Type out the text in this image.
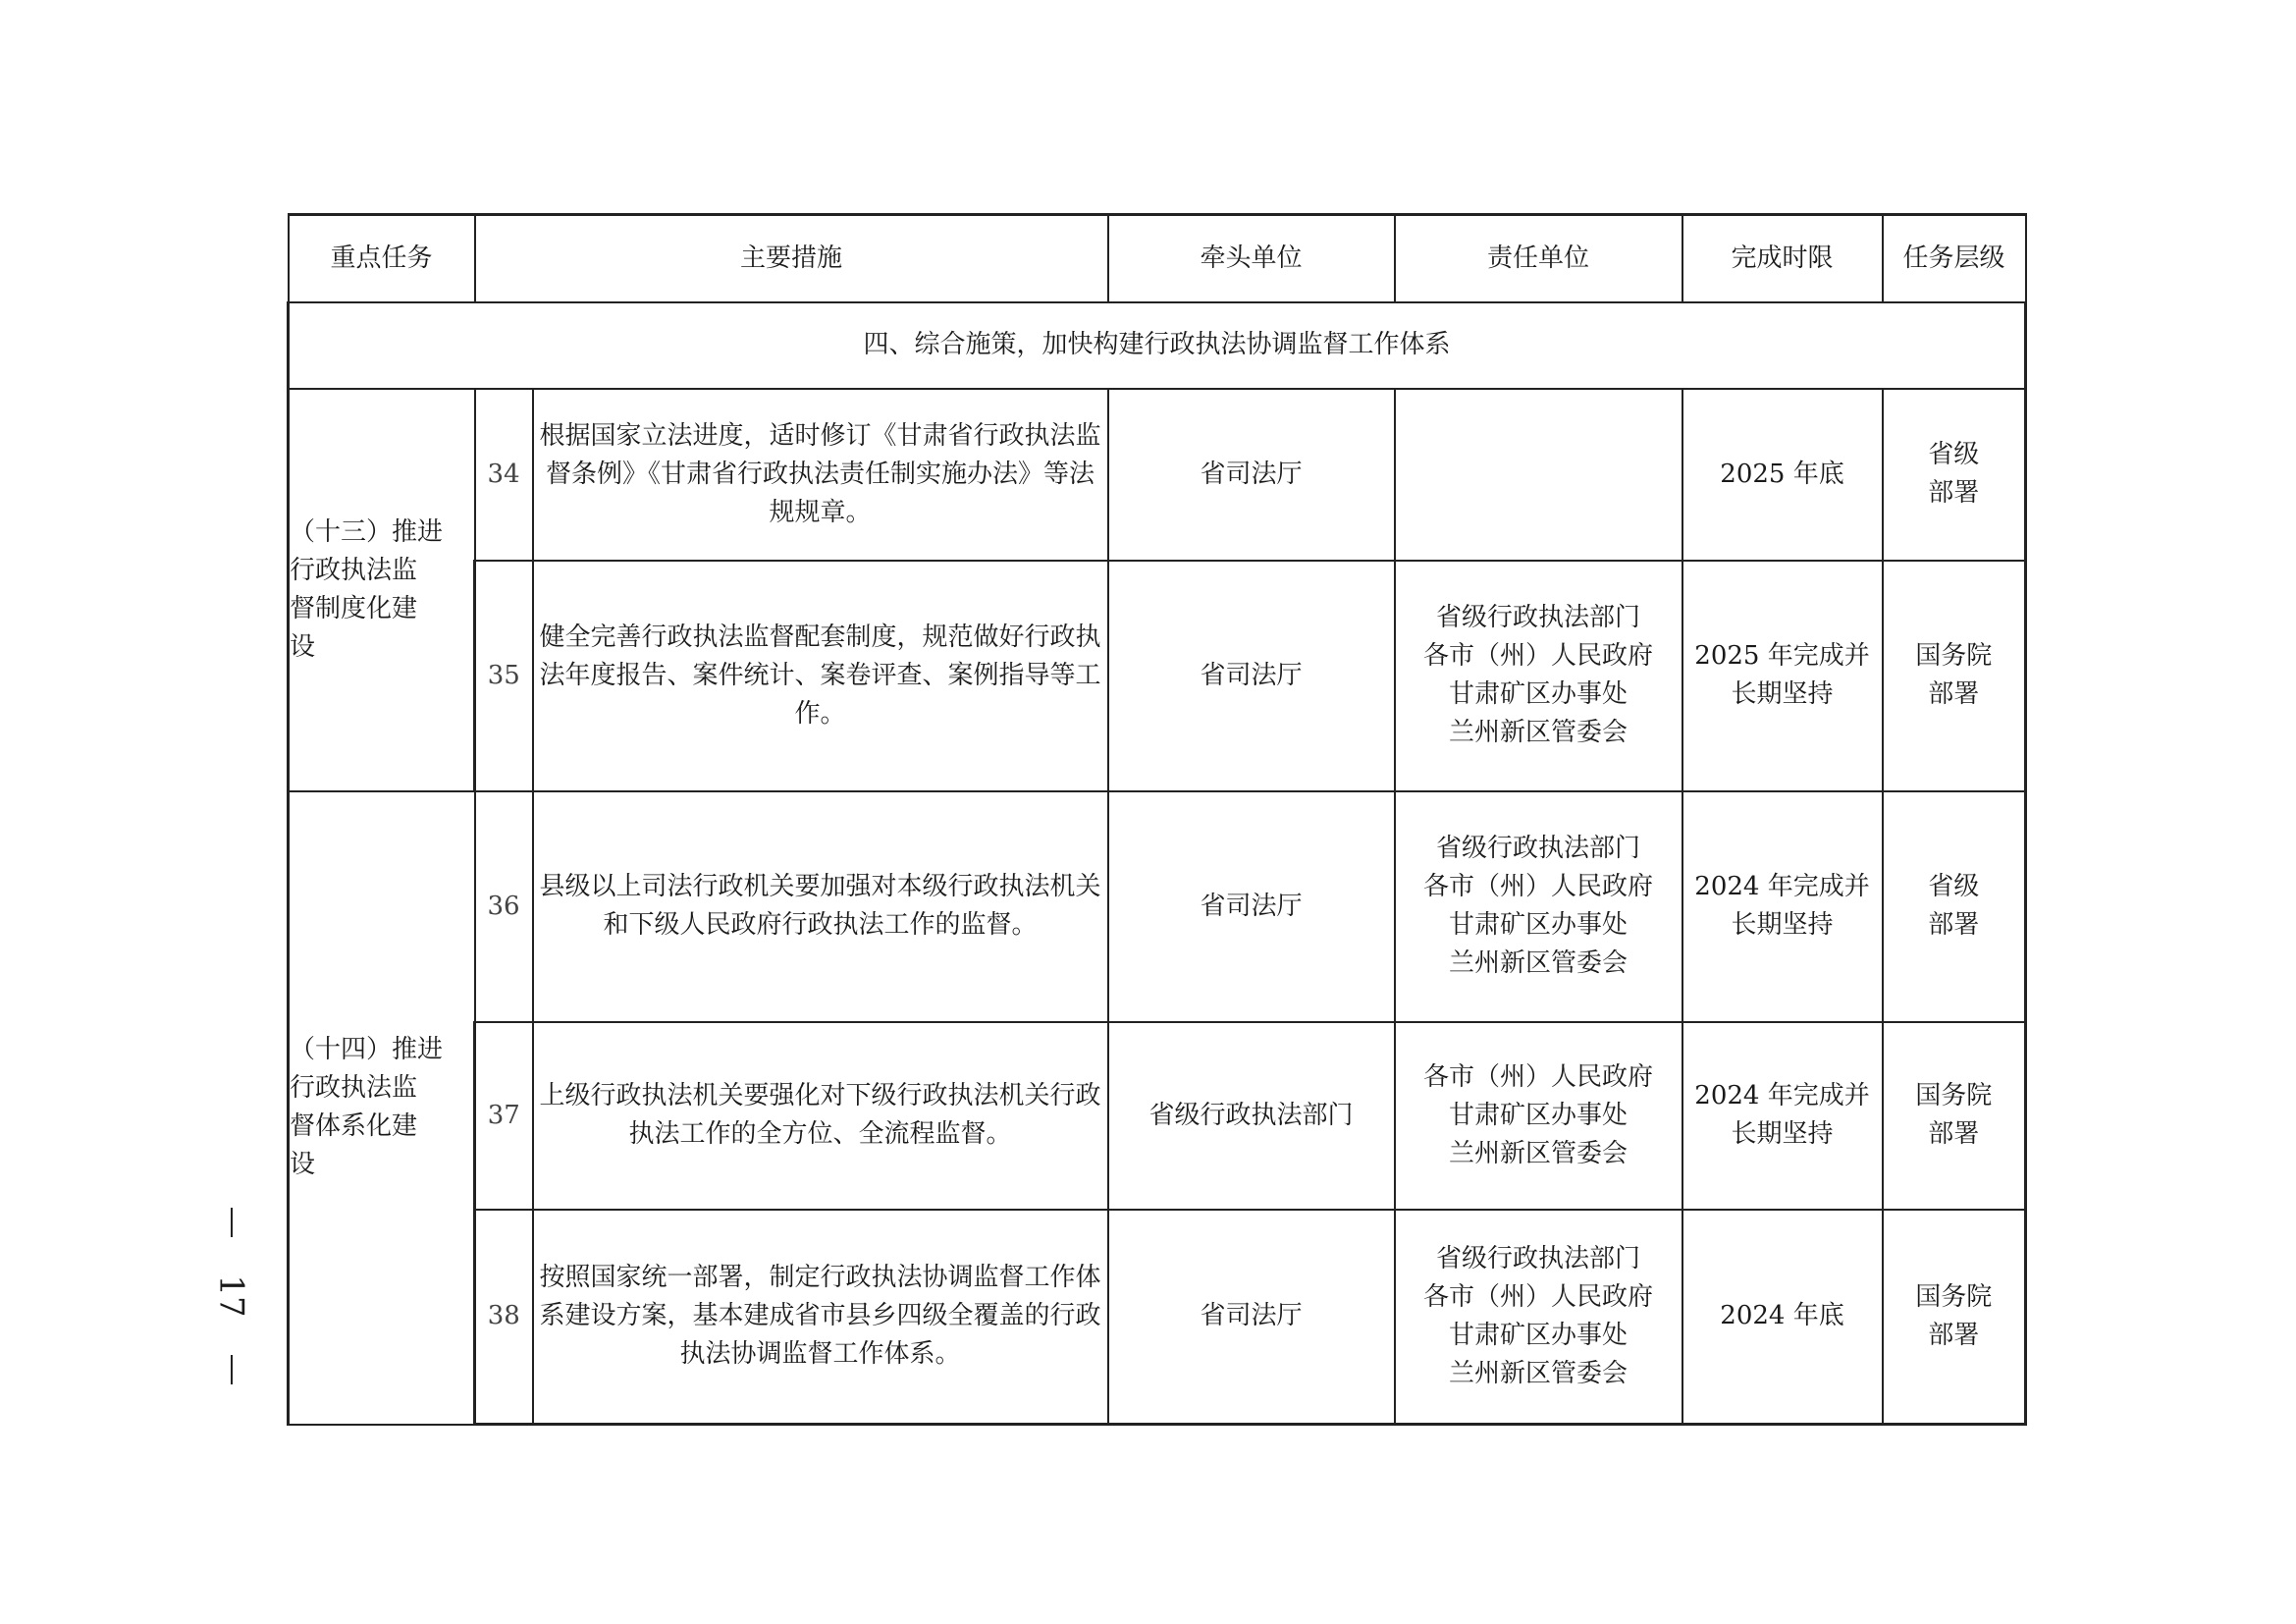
重点任务	主要措施		牵头单位	责任单位	完成时限	任务层级
四、综合施策，加快构建行政执法协调监督工作体系						

（十三）推进
行政执法监
督制度化建
设	34	根据国家立法进度，适时修订《甘肃省行政执法监督条例》《甘肃省行政执法责任制实施办法》等法规规章。	省司法厅		2025 年底	省级
部署

	35	健全完善行政执法监督配套制度，规范做好行政执法年度报告、案件统计、案卷评查、案例指导等工作。	省司法厅	省级行政执法部门
各市（州）人民政府
甘肃矿区办事处
兰州新区管委会	2025 年完成并
长期坚持	国务院
部署

（十四）推进
行政执法监
督体系化建
设	36	县级以上司法行政机关要加强对本级行政执法机关和下级人民政府行政执法工作的监督。	省司法厅	省级行政执法部门
各市（州）人民政府
甘肃矿区办事处
兰州新区管委会	2024 年完成并
长期坚持	省级
部署

	37	上级行政执法机关要强化对下级行政执法机关行政执法工作的全方位、全流程监督。	省级行政执法部门	各市（州）人民政府
甘肃矿区办事处
兰州新区管委会	2024 年完成并
长期坚持	国务院
部署

	38	按照国家统一部署，制定行政执法协调监督工作体系建设方案，基本建成省市县乡四级全覆盖的行政执法协调监督工作体系。	省司法厅	省级行政执法部门
各市（州）人民政府
甘肃矿区办事处
兰州新区管委会	2024 年底	国务院
部署
17
